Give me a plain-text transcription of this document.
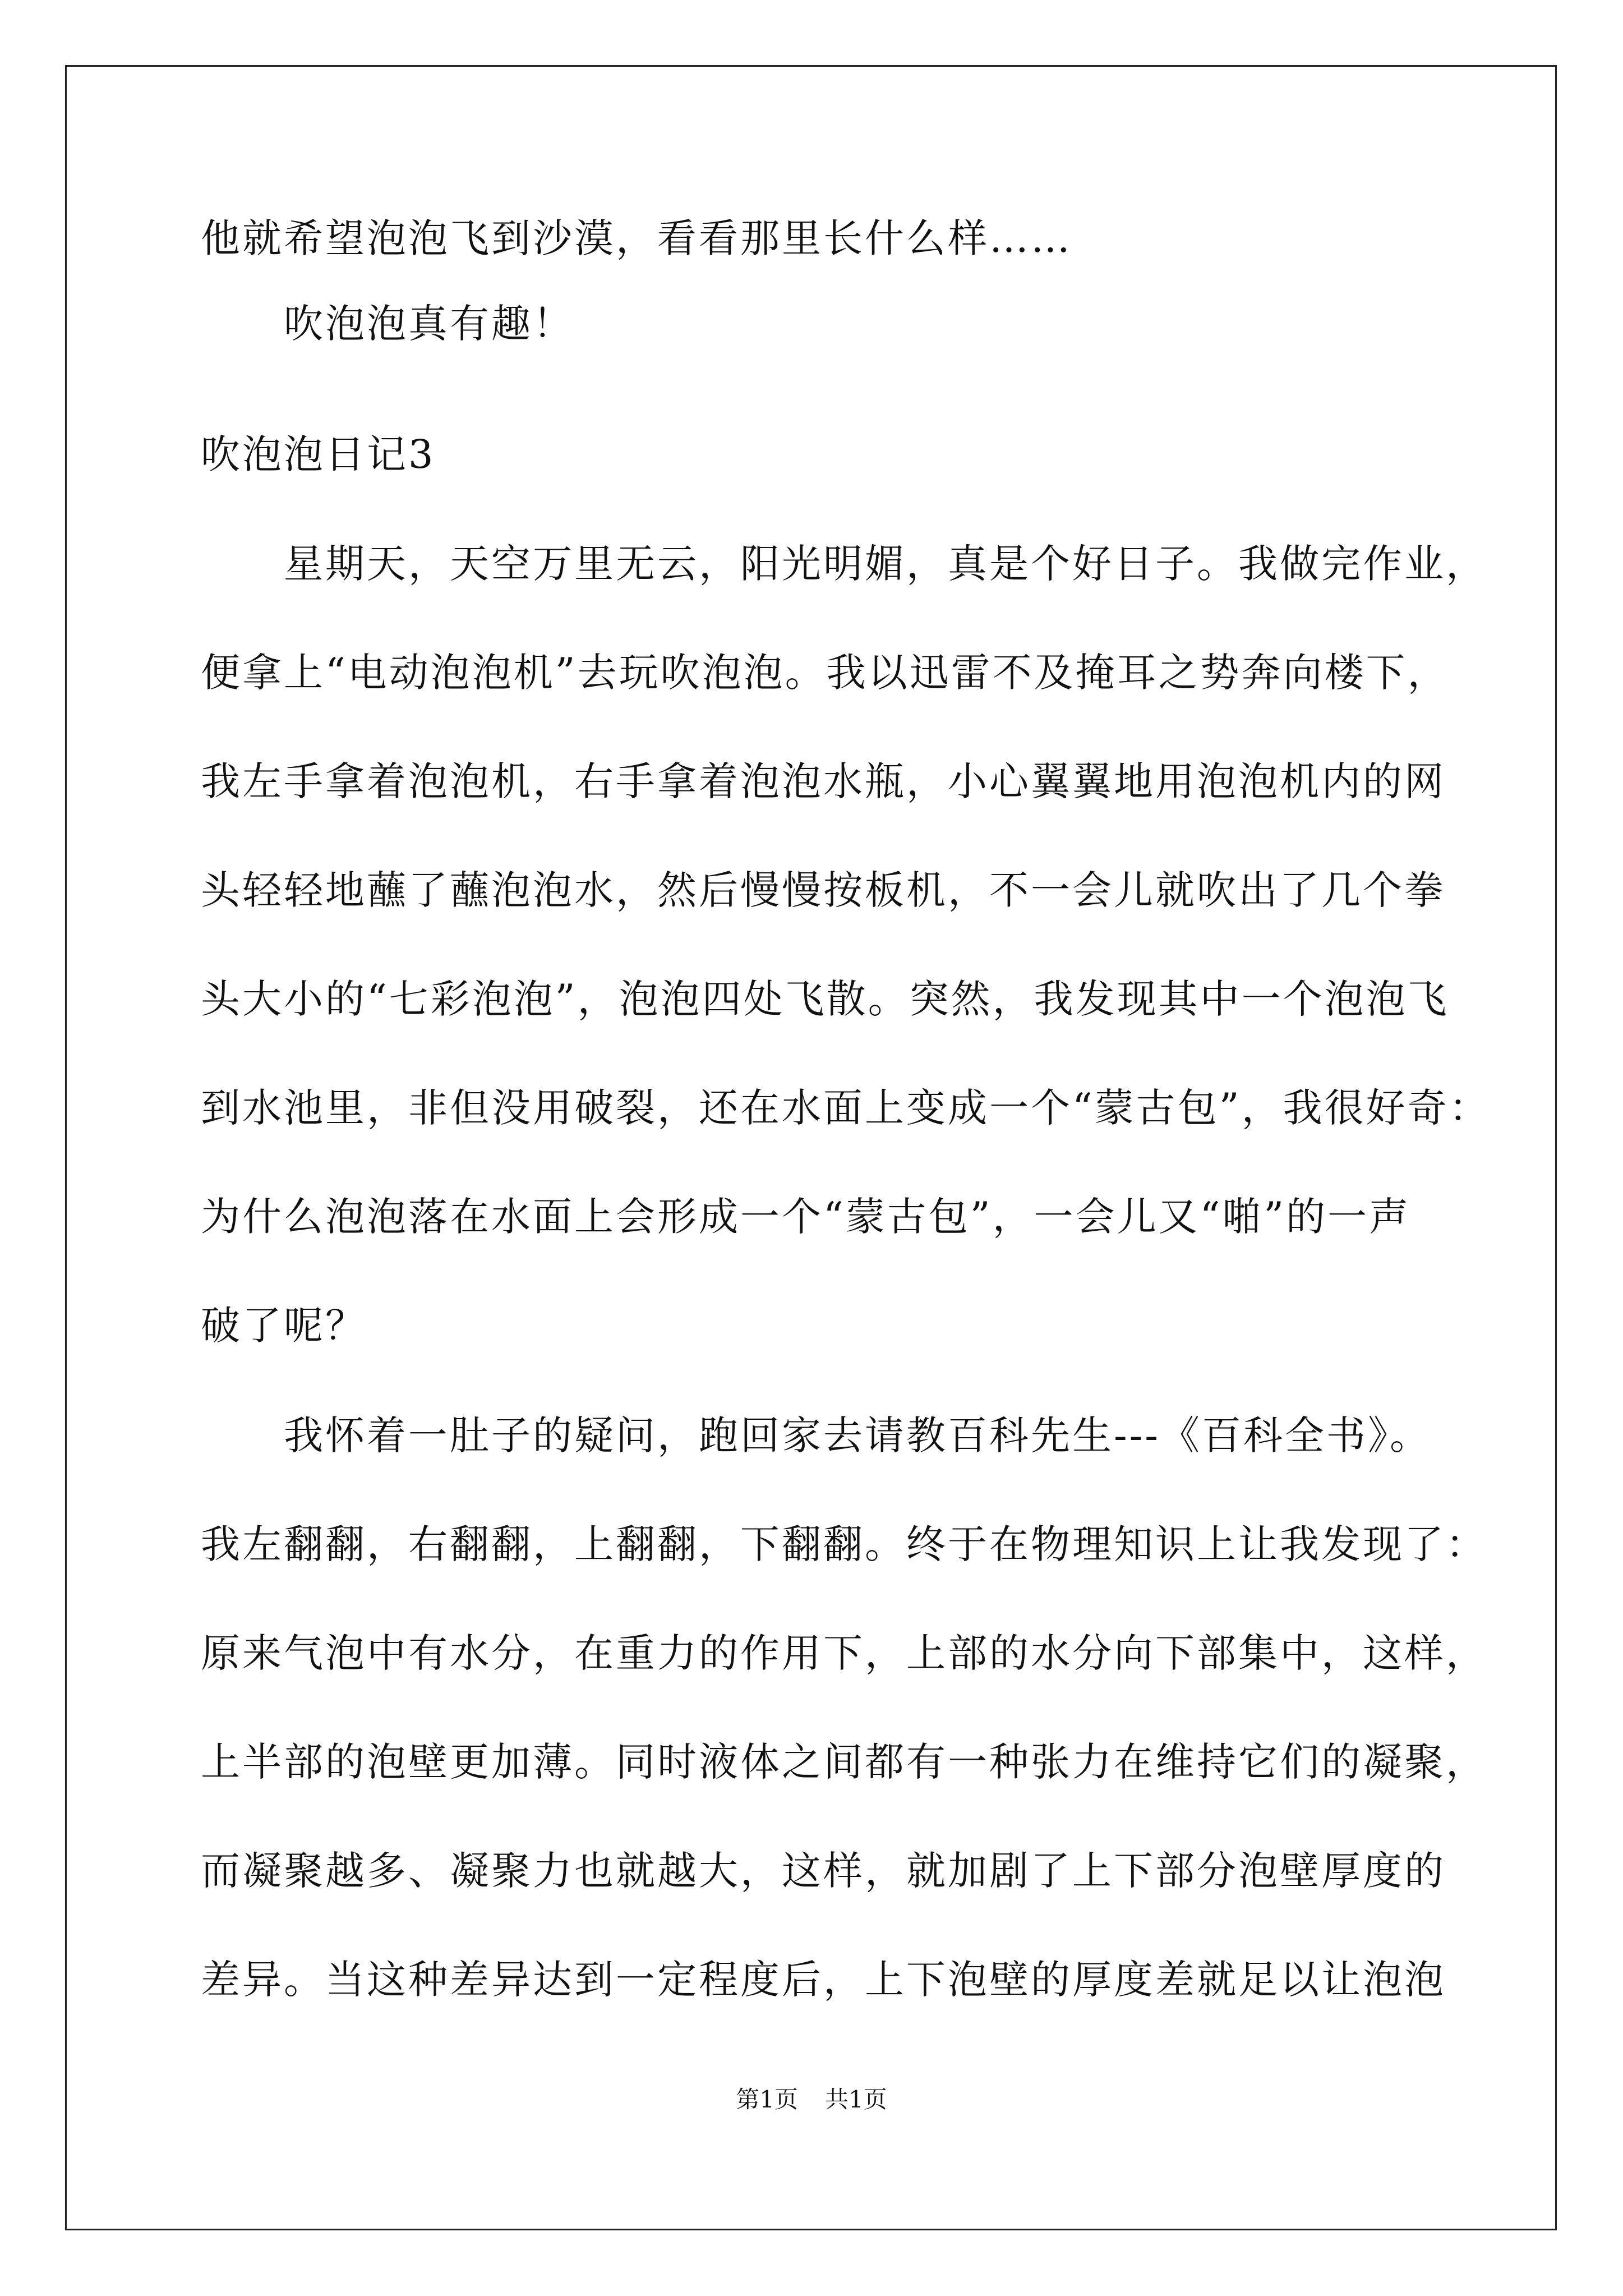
他就希望泡泡飞到沙漠，看看那里长什么样……
吹泡泡真有趣！
吹泡泡日记3
星期天，天空万里无云，阳光明媚，真是个好日子。我做完作业，
便拿上“电动泡泡机”去玩吹泡泡。我以迅雷不及掩耳之势奔向楼下，
我左手拿着泡泡机，右手拿着泡泡水瓶，小心翼翼地用泡泡机内的网
头轻轻地蘸了蘸泡泡水，然后慢慢按板机，不一会儿就吹出了几个拳
头大小的“七彩泡泡”，泡泡四处飞散。突然，我发现其中一个泡泡飞
到水池里，非但没用破裂，还在水面上变成一个“蒙古包”，我很好奇：
为什么泡泡落在水面上会形成一个“蒙古包”，一会儿又“啪”的一声
破了呢？
我怀着一肚子的疑问，跑回家去请教百科先生---《百科全书》。
我左翻翻，右翻翻，上翻翻，下翻翻。终于在物理知识上让我发现了：
原来气泡中有水分，在重力的作用下，上部的水分向下部集中，这样，
上半部的泡壁更加薄。同时液体之间都有一种张力在维持它们的凝聚，
而凝聚越多、凝聚力也就越大，这样，就加剧了上下部分泡壁厚度的
差异。当这种差异达到一定程度后，上下泡壁的厚度差就足以让泡泡
第1页 共1页
